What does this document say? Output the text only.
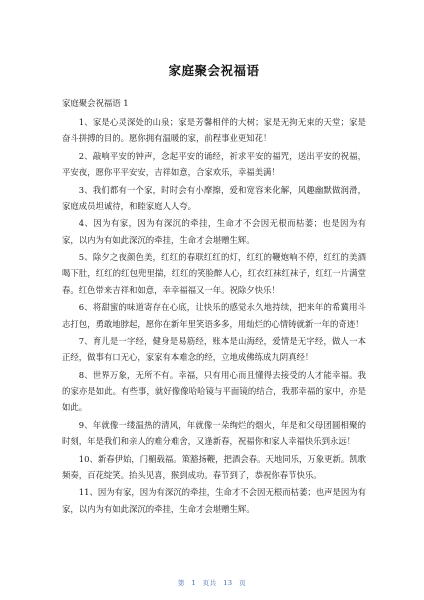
家庭聚会祝福语
家庭聚会祝福语 1

1、家是心灵深处的山泉；家是芳馨相伴的大树；家是无拘无束的天堂；家是奋斗拼搏的目的。愿你拥有温暖的家，前程事业更知花！

2、敲响平安的钟声，念起平安的诵经，祈求平安的福咒，送出平安的祝福，平安夜，愿你平平安安，吉祥如意，合家欢乐，幸福美满！

3、我们都有一个家，时时会有小摩擦，爱和宽容来化解，风趣幽默做润滑，家庭成员坦诚待，和睦家庭人人夸。

4、因为有家，因为有深沉的牵挂，生命才不会因无根而枯萎；也是因为有家，以内为有如此深沉的牵挂，生命才会堪赠生辉。

5、除夕之夜颜色美，红红的春联红红的灯，红红的鞭炮响不停，红红的美酒喝下肚，红红的红包兜里揣，红红的笑脸醉人心，红衣红袜红袜子，红红一片满堂春。红色带来吉祥和如意，幸幸福福又一年。祝除夕快乐！

6、将甜蜜的味道寄存在心底，让快乐的感觉永久地持续，把来年的希冀用斗志打包，勇敢地脖起，愿你在新年里笑语多多，用灿烂的心情铸就新一年的奇迹！

7、育儿是一字经，健身是易筋经，账本是山海经，爱情是无字经，做人一本正经，做事有口无心，家家有本难念的经，立地成佛练成九阴真经！

8、世界万象，无所不有。幸福，只有用心而且懂得去接受的人才能幸福。我的家亦是如此。有些事，就好像像哈哈镜与平面镜的结合，我那幸福的家中，亦是如此。

9、年就像一缕温热的清风，年就像一朵绚烂的烟火，年是和父母团圆相聚的时刻，年是我们和亲人的难分难舍，又逢新春，祝福你和家人幸福快乐到永远！

10、新春伊始，门楣载福。策豁扬鞭，把酒会春。天地同乐，万象更新。凯歌频奏，百花绽笑。抬头见喜，猴到成功。春节到了，恭祝你春节快乐。

11、因为有家，因为有深沉的牵挂，生命才不会因无根而枯萎；也声是因为有家，以内为有如此深沉的牵挂，生命才会堪赠生辉。

第 1 页共 13 页
